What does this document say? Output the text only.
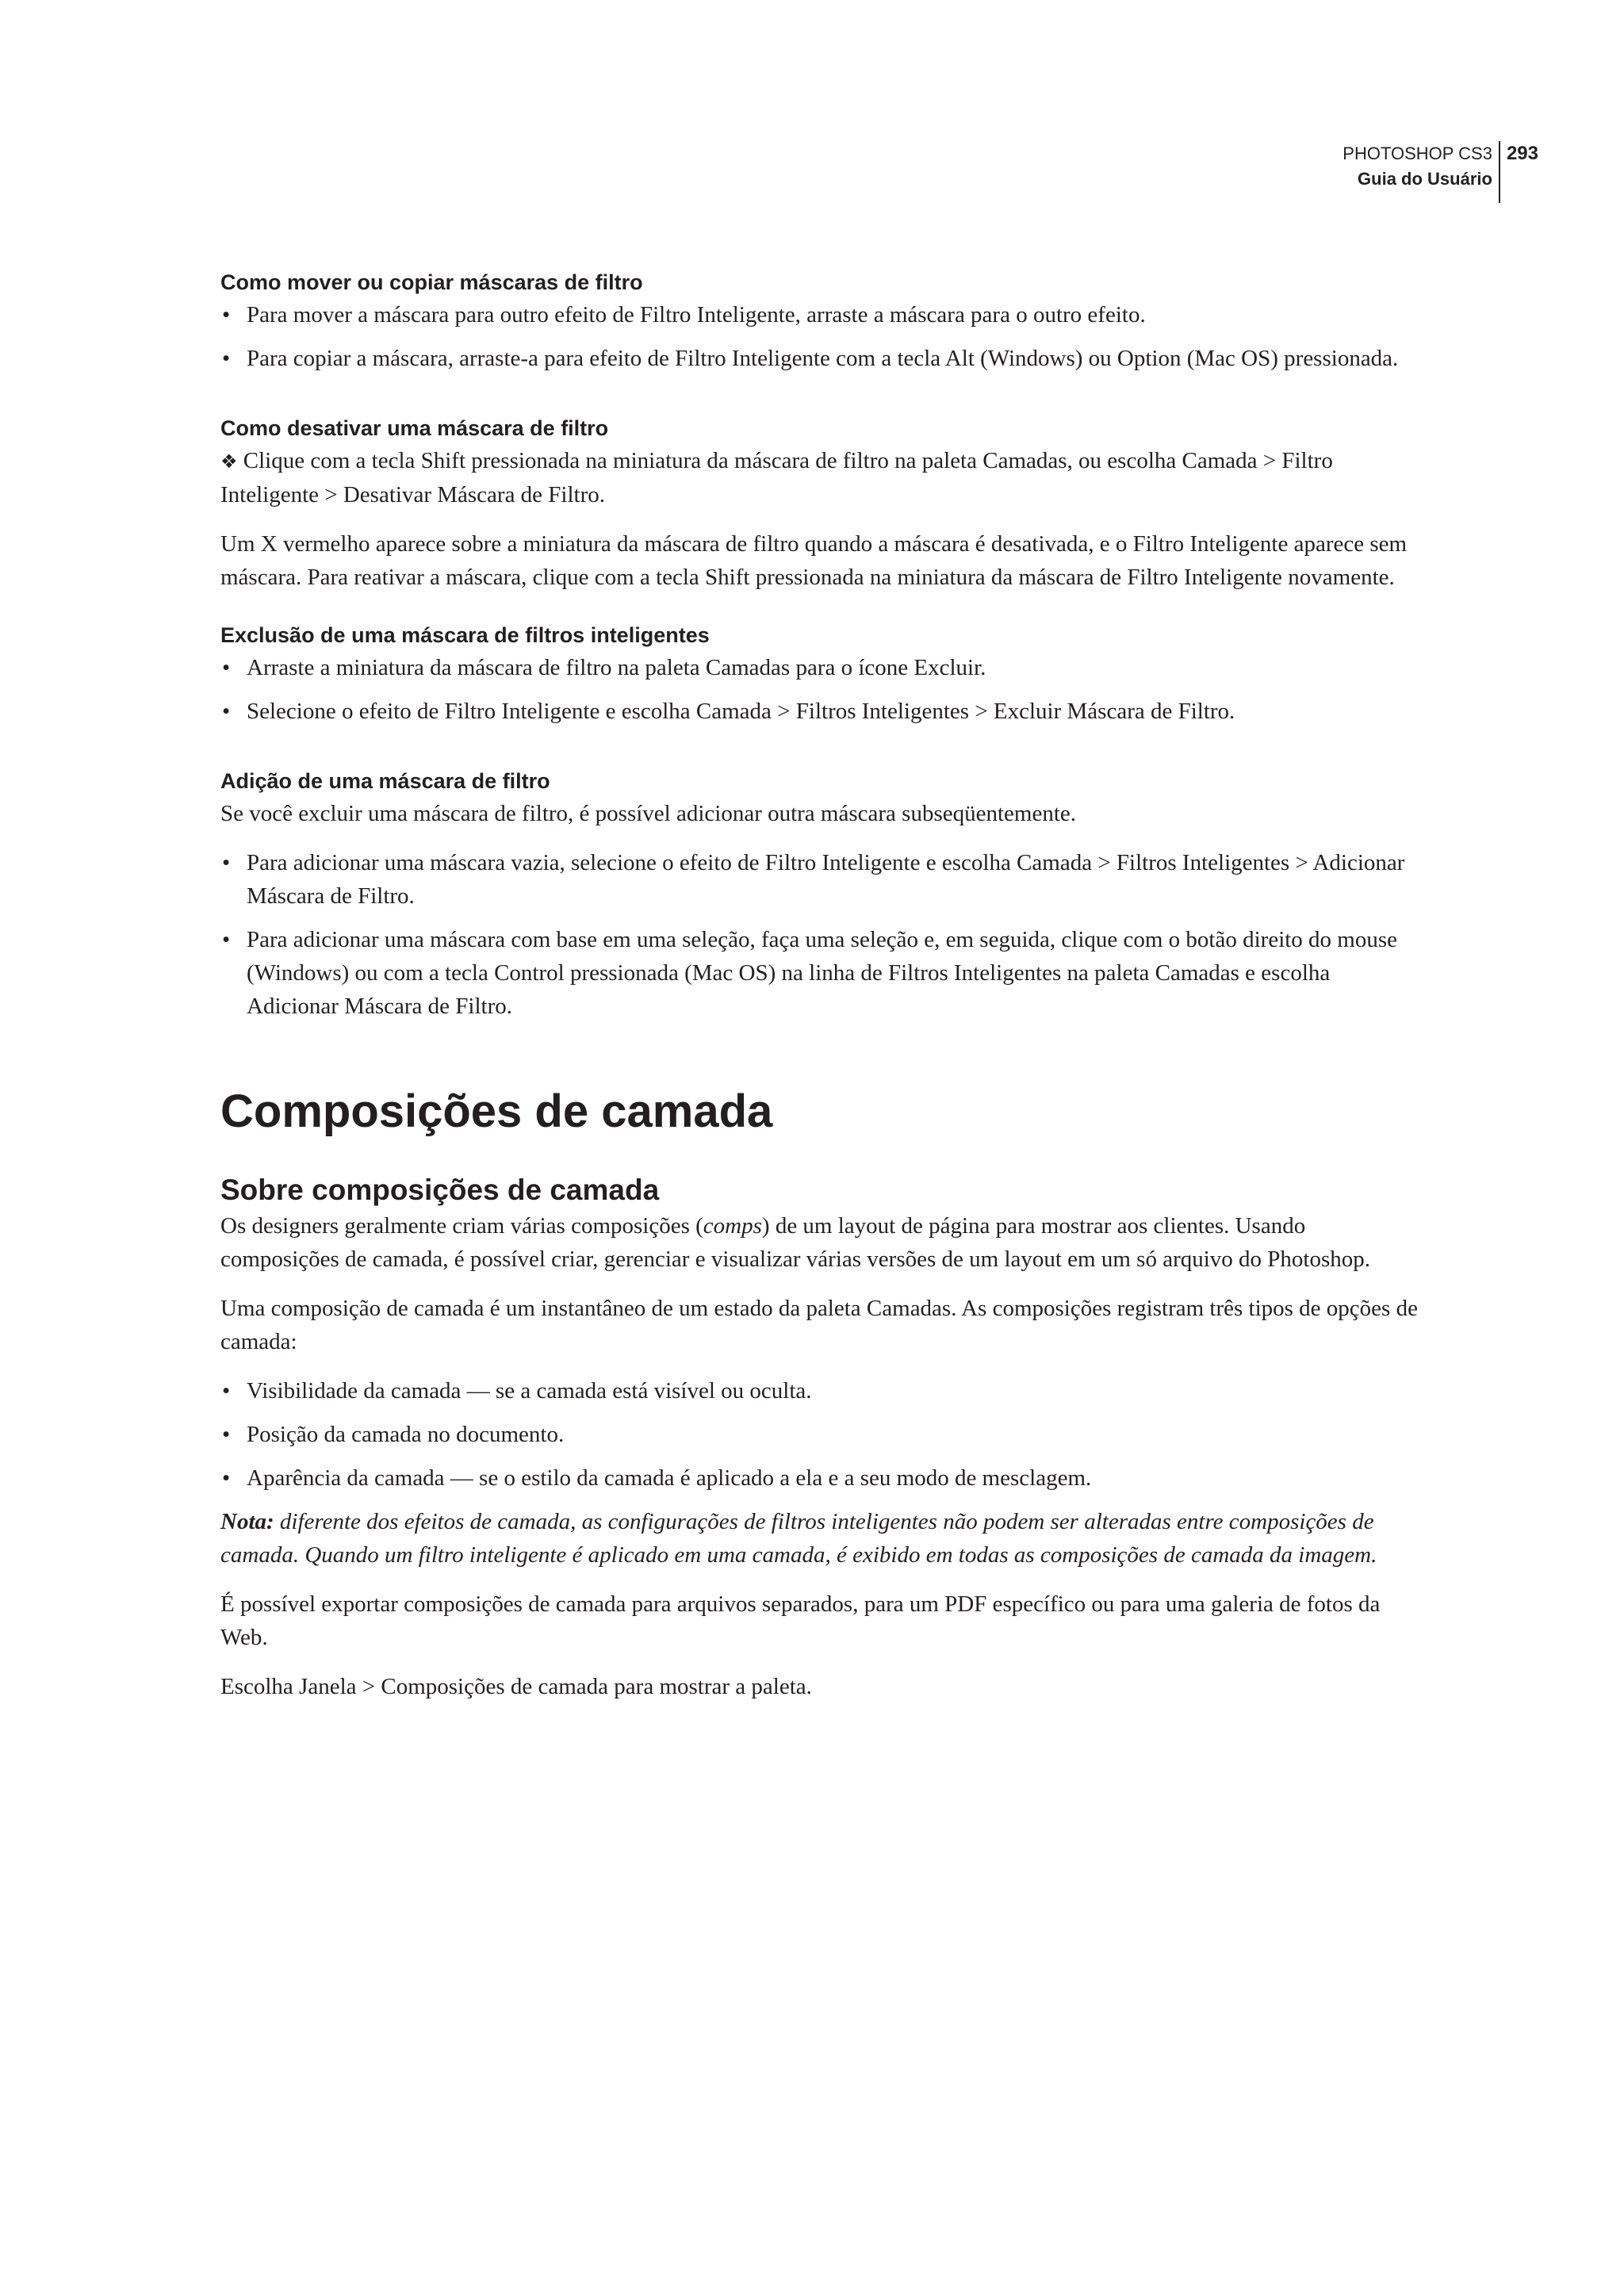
PHOTOSHOP CS3
Guia do Usuário
293
Como mover ou copiar máscaras de filtro
• Para mover a máscara para outro efeito de Filtro Inteligente, arraste a máscara para o outro efeito.
• Para copiar a máscara, arraste-a para efeito de Filtro Inteligente com a tecla Alt (Windows) ou Option (Mac OS) pressionada.
Como desativar uma máscara de filtro

❖ Clique com a tecla Shift pressionada na miniatura da máscara de filtro na paleta Camadas, ou escolha Camada > Filtro Inteligente > Desativar Máscara de Filtro.

Um X vermelho aparece sobre a miniatura da máscara de filtro quando a máscara é desativada, e o Filtro Inteligente aparece sem máscara. Para reativar a máscara, clique com a tecla Shift pressionada na miniatura da máscara de Filtro Inteligente novamente.

Exclusão de uma máscara de filtros inteligentes
• Arraste a miniatura da máscara de filtro na paleta Camadas para o ícone Excluir.
• Selecione o efeito de Filtro Inteligente e escolha Camada > Filtros Inteligentes > Excluir Máscara de Filtro.
Adição de uma máscara de filtro

Se você excluir uma máscara de filtro, é possível adicionar outra máscara subseqüentemente.

• Para adicionar uma máscara vazia, selecione o efeito de Filtro Inteligente e escolha Camada > Filtros Inteligentes > Adicionar Máscara de Filtro.
• Para adicionar uma máscara com base em uma seleção, faça uma seleção e, em seguida, clique com o botão direito do mouse (Windows) ou com a tecla Control pressionada (Mac OS) na linha de Filtros Inteligentes na paleta Camadas e escolha Adicionar Máscara de Filtro.
Composições de camada
Sobre composições de camada

Os designers geralmente criam várias composições (comps) de um layout de página para mostrar aos clientes. Usando composições de camada, é possível criar, gerenciar e visualizar várias versões de um layout em um só arquivo do Photoshop.

Uma composição de camada é um instantâneo de um estado da paleta Camadas. As composições registram três tipos de opções de camada:

• Visibilidade da camada — se a camada está visível ou oculta.
• Posição da camada no documento.
• Aparência da camada — se o estilo da camada é aplicado a ela e a seu modo de mesclagem.

Nota: diferente dos efeitos de camada, as configurações de filtros inteligentes não podem ser alteradas entre composições de camada. Quando um filtro inteligente é aplicado em uma camada, é exibido em todas as composições de camada da imagem.

É possível exportar composições de camada para arquivos separados, para um PDF específico ou para uma galeria de fotos da Web.

Escolha Janela > Composições de camada para mostrar a paleta.
